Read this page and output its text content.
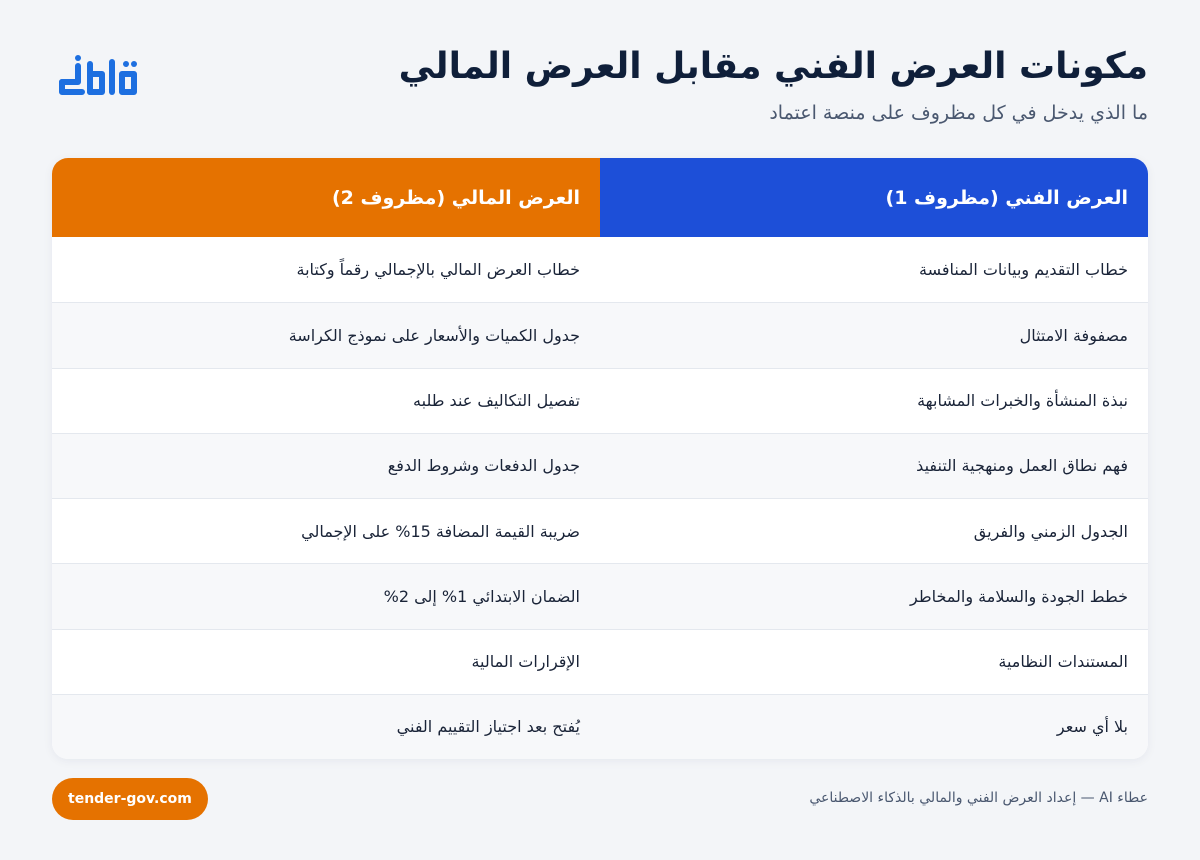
مكونات العرض الفني مقابل العرض المالي

ما الذي يدخل في كل مظروف على منصة اعتماد

العرض الفني (مظروف 1)
العرض المالي (مظروف 2)
خطاب التقديم وبيانات المنافسة
خطاب العرض المالي بالإجمالي رقماً وكتابة
مصفوفة الامتثال
جدول الكميات والأسعار على نموذج الكراسة
نبذة المنشأة والخبرات المشابهة
تفصيل التكاليف عند طلبه
فهم نطاق العمل ومنهجية التنفيذ
جدول الدفعات وشروط الدفع
الجدول الزمني والفريق
ضريبة القيمة المضافة 15% على الإجمالي
خطط الجودة والسلامة والمخاطر
الضمان الابتدائي 1% إلى 2%
المستندات النظامية
الإقرارات المالية
بلا أي سعر
يُفتح بعد اجتياز التقييم الفني
tender-gov.com	عطاء AI — إعداد العرض الفني والمالي بالذكاء الاصطناعي
